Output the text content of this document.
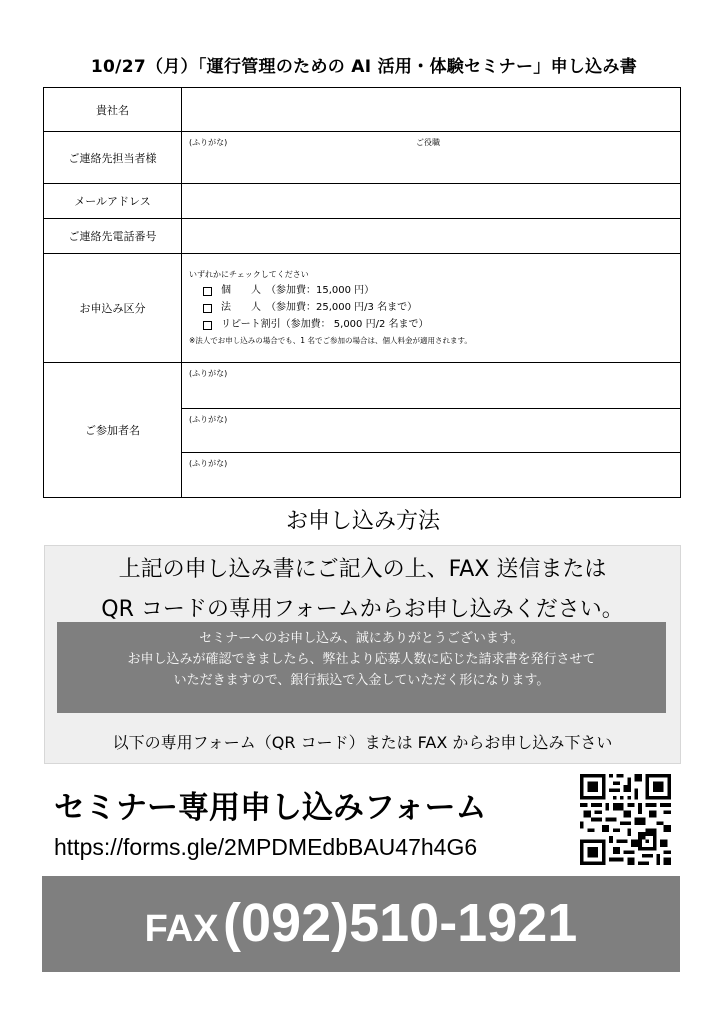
10/27（月）「運行管理のための AI 活用・体験セミナー」申し込み書
貴社名	
ご連絡先担当者様	(ふりがな) ご役職

メールアドレス	
ご連絡先電話番号	
お申込み区分	いずれかにチェックしてください
個　　人　（参加費：15,000 円）
法　　人　（参加費：25,000 円/3 名まで）
リピート割引（参加費： 5,000 円/2 名まで）
※法人でお申し込みの場合でも、1 名でご参加の場合は、個人料金が適用されます。

ご参加者名	(ふりがな)
(ふりがな)
(ふりがな)
お申し込み方法
上記の申し込み書にご記入の上、FAX 送信または
QR コードの専用フォームからお申し込みください。
セミナーへのお申し込み、誠にありがとうございます。
お申し込みが確認できましたら、弊社より応募人数に応じた請求書を発行させて
いただきますので、銀行振込で入金していただく形になります。
以下の専用フォーム（QR コード）または FAX からお申し込み下さい
セミナー専用申し込みフォーム
https://forms.gle/2MPDMEdbBAU47h4G6
FAX (092)510-1921
